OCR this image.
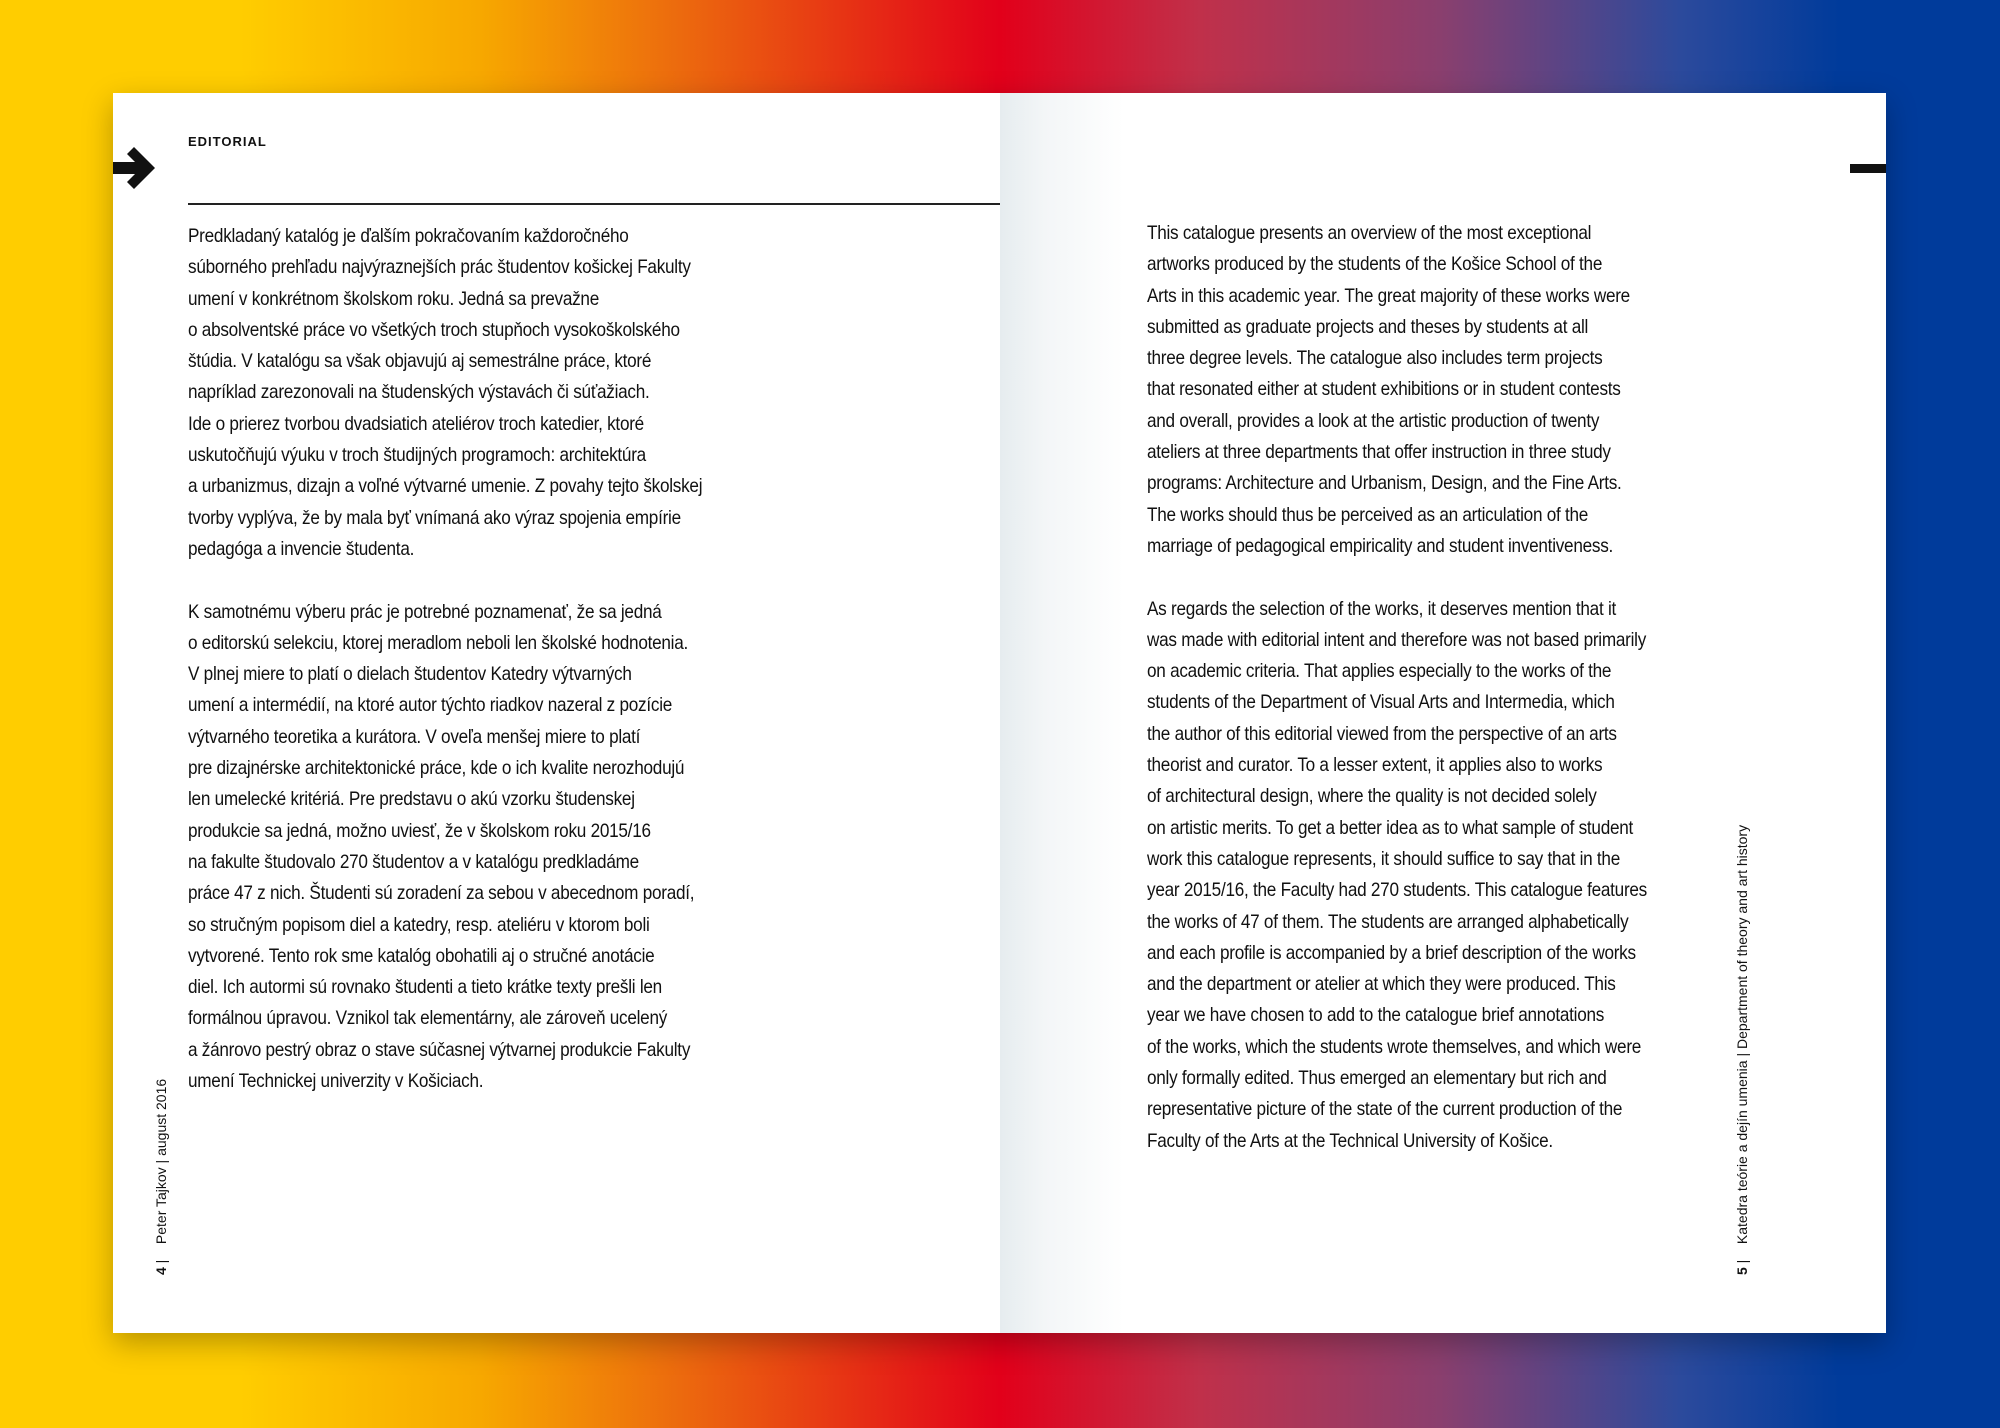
EDITORIAL

Predkladaný katalóg je ďalším pokračovaním každoročného
súborného prehľadu najvýraznejších prác študentov košickej Fakulty
umení v konkrétnom školskom roku. Jedná sa prevažne
o absolventské práce vo všetkých troch stupňoch vysokoškolského
štúdia. V katalógu sa však objavujú aj semestrálne práce, ktoré
napríklad zarezonovali na študenských výstavách či súťažiach.
Ide o prierez tvorbou dvadsiatich ateliérov troch katedier, ktoré
uskutočňujú výuku v troch študijných programoch: architektúra
a urbanizmus, dizajn a voľné výtvarné umenie. Z povahy tejto školskej
tvorby vyplýva, že by mala byť vnímaná ako výraz spojenia empírie
pedagóga a invencie študenta.

K samotnému výberu prác je potrebné poznamenať, že sa jedná
o editorskú selekciu, ktorej meradlom neboli len školské hodnotenia.
V plnej miere to platí o dielach študentov Katedry výtvarných
umení a intermédií, na ktoré autor týchto riadkov nazeral z pozície
výtvarného teoretika a kurátora. V oveľa menšej miere to platí
pre dizajnérske architektonické práce, kde o ich kvalite nerozhodujú
len umelecké kritériá. Pre predstavu o akú vzorku študenskej
produkcie sa jedná, možno uviesť, že v školskom roku 2015/16
na fakulte študovalo 270 študentov a v katalógu predkladáme
práce 47 z nich. Študenti sú zoradení za sebou v abecednom poradí,
so stručným popisom diel a katedry, resp. ateliéru v ktorom boli
vytvorené. Tento rok sme katalóg obohatili aj o stručné anotácie
diel. Ich autormi sú rovnako študenti a tieto krátke texty prešli len
formálnou úpravou. Vznikol tak elementárny, ale zároveň ucelený
a žánrovo pestrý obraz o stave súčasnej výtvarnej produkcie Fakulty
umení Technickej univerzity v Košiciach.

4 |    Peter Tajkov | august 2016

This catalogue presents an overview of the most exceptional
artworks produced by the students of the Košice School of the
Arts in this academic year. The great majority of these works were
submitted as graduate projects and theses by students at all
three degree levels. The catalogue also includes term projects
that resonated either at student exhibitions or in student contests
and overall, provides a look at the artistic production of twenty
ateliers at three departments that offer instruction in three study
programs: Architecture and Urbanism, Design, and the Fine Arts.
The works should thus be perceived as an articulation of the
marriage of pedagogical empiricality and student inventiveness.

As regards the selection of the works, it deserves mention that it
was made with editorial intent and therefore was not based primarily
on academic criteria. That applies especially to the works of the
students of the Department of Visual Arts and Intermedia, which
the author of this editorial viewed from the perspective of an arts
theorist and curator. To a lesser extent, it applies also to works
of architectural design, where the quality is not decided solely
on artistic merits. To get a better idea as to what sample of student
work this catalogue represents, it should suffice to say that in the
year 2015/16, the Faculty had 270 students. This catalogue features
the works of 47 of them. The students are arranged alphabetically
and each profile is accompanied by a brief description of the works
and the department or atelier at which they were produced. This
year we have chosen to add to the catalogue brief annotations
of the works, which the students wrote themselves, and which were
only formally edited. Thus emerged an elementary but rich and
representative picture of the state of the current production of the
Faculty of the Arts at the Technical University of Košice.

5 |    Katedra teórie a dejín umenia | Department of theory and art history
